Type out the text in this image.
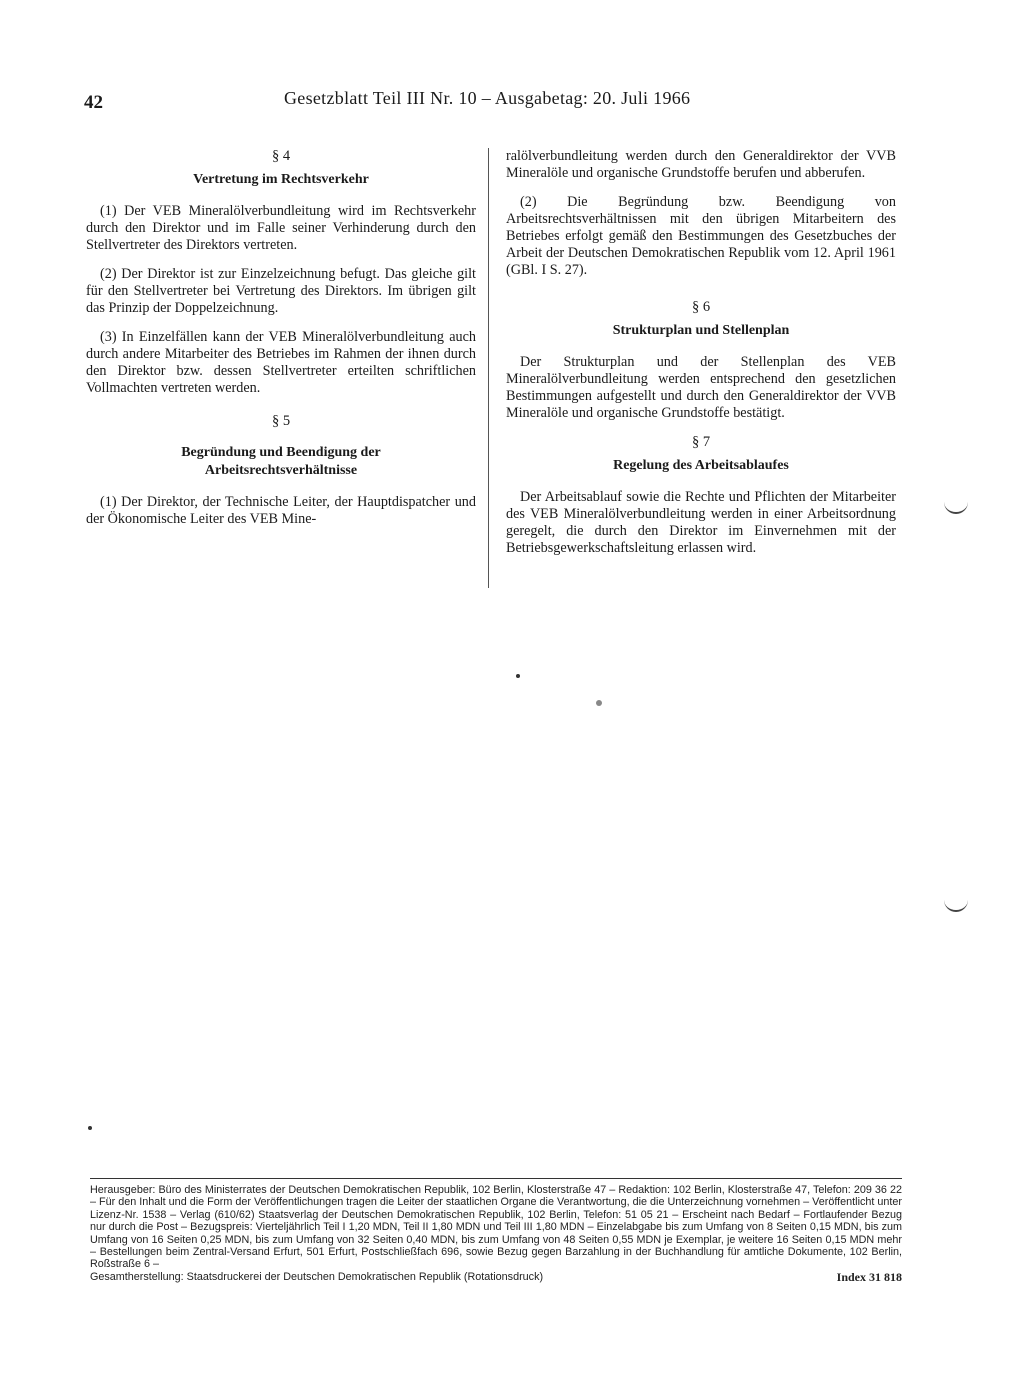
42	Gesetzblatt Teil III Nr. 10 – Ausgabetag: 20. Juli 1966
§ 4
Vertretung im Rechtsverkehr

(1) Der VEB Mineralölverbundleitung wird im Rechtsverkehr durch den Direktor und im Falle seiner Verhinderung durch den Stellvertreter des Direktors vertreten.

(2) Der Direktor ist zur Einzelzeichnung befugt. Das gleiche gilt für den Stellvertreter bei Vertretung des Direktors. Im übrigen gilt das Prinzip der Doppelzeichnung.

(3) In Einzelfällen kann der VEB Mineralölverbundleitung auch durch andere Mitarbeiter des Betriebes im Rahmen der ihnen durch den Direktor bzw. dessen Stellvertreter erteilten schriftlichen Vollmachten vertreten werden.

§ 5
Begründung und Beendigung der Arbeitsrechtsverhältnisse

(1) Der Direktor, der Technische Leiter, der Hauptdispatcher und der Ökonomische Leiter des VEB Mine-

ralölverbundleitung werden durch den Generaldirektor der VVB Mineralöle und organische Grundstoffe berufen und abberufen.

(2) Die Begründung bzw. Beendigung von Arbeitsrechtsverhältnissen mit den übrigen Mitarbeitern des Betriebes erfolgt gemäß den Bestimmungen des Gesetzbuches der Arbeit der Deutschen Demokratischen Republik vom 12. April 1961 (GBl. I S. 27).

§ 6
Strukturplan und Stellenplan

Der Strukturplan und der Stellenplan des VEB Mineralölverbundleitung werden entsprechend den gesetzlichen Bestimmungen aufgestellt und durch den Generaldirektor der VVB Mineralöle und organische Grundstoffe bestätigt.

§ 7
Regelung des Arbeitsablaufes

Der Arbeitsablauf sowie die Rechte und Pflichten der Mitarbeiter des VEB Mineralölverbundleitung werden in einer Arbeitsordnung geregelt, die durch den Direktor im Einvernehmen mit der Betriebsgewerkschaftsleitung erlassen wird.

Herausgeber: Büro des Ministerrates der Deutschen Demokratischen Republik, 102 Berlin, Klosterstraße 47 – Redaktion: 102 Berlin, Klosterstraße 47, Telefon: 209 36 22 – Für den Inhalt und die Form der Veröffentlichungen tragen die Leiter der staatlichen Organe die Verantwortung, die die Unterzeichnung vornehmen – Veröffentlicht unter Lizenz-Nr. 1538 – Verlag (610/62) Staatsverlag der Deutschen Demokratischen Republik, 102 Berlin, Telefon: 51 05 21 – Erscheint nach Bedarf – Fortlaufender Bezug nur durch die Post – Bezugspreis: Vierteljährlich Teil I 1,20 MDN, Teil II 1,80 MDN und Teil III 1,80 MDN – Einzelabgabe bis zum Umfang von 8 Seiten 0,15 MDN, bis zum Umfang von 16 Seiten 0,25 MDN, bis zum Umfang von 32 Seiten 0,40 MDN, bis zum Umfang von 48 Seiten 0,55 MDN je Exemplar, je weitere 16 Seiten 0,15 MDN mehr – Bestellungen beim Zentral-Versand Erfurt, 501 Erfurt, Postschließfach 696, sowie Bezug gegen Barzahlung in der Buchhandlung für amtliche Dokumente, 102 Berlin, Roßstraße 6 –
Gesamtherstellung: Staatsdruckerei der Deutschen Demokratischen Republik (Rotationsdruck)	Index 31 818
